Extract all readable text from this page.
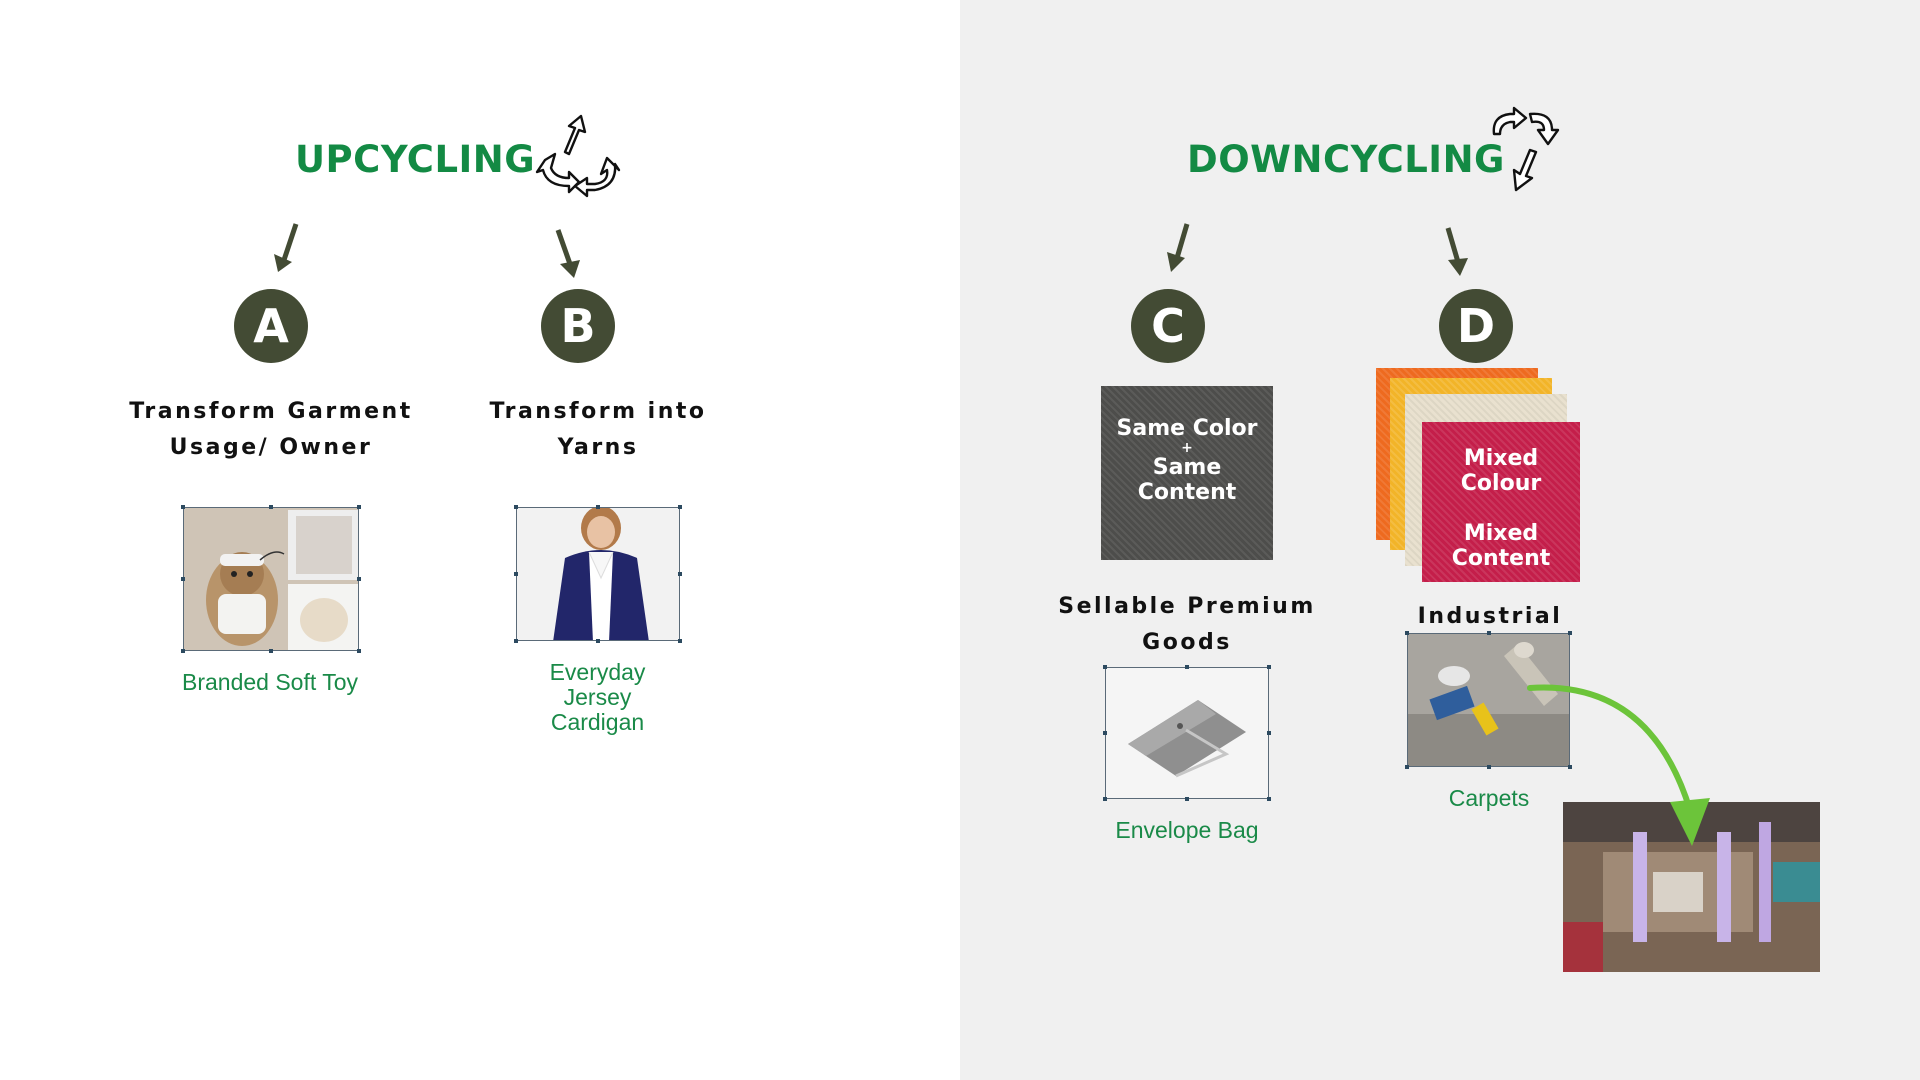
UPCYCLING
A	B
Transform Garment Usage/ Owner
Transform into Yarns
Branded Soft Toy	Everyday Jersey Cardigan
DOWNCYCLING
C	D
Same Color
+
Same
Content
Mixed
Colour
Mixed
Content
Sellable Premium Goods
Industrial
Envelope Bag
Carpets
